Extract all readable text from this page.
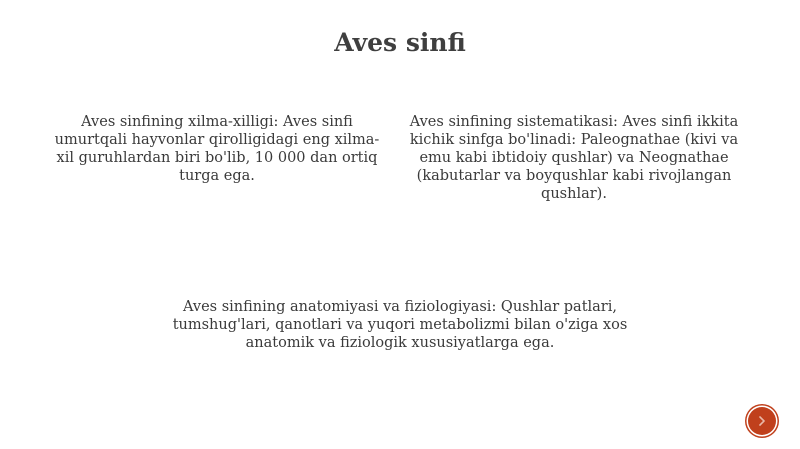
Aves sinfi

Aves sinfining xilma-xilligi: Aves sinfi umurtqali hayvonlar qirolligidagi eng xilma-xil guruhlardan biri bo'lib, 10 000 dan ortiq turga ega.

Aves sinfining sistematikasi: Aves sinfi ikkita kichik sinfga bo'linadi: Paleognathae (kivi va emu kabi ibtidoiy qushlar) va Neognathae (kabutarlar va boyqushlar kabi rivojlangan qushlar).

Aves sinfining anatomiyasi va fiziologiyasi: Qushlar patlari, tumshug'lari, qanotlari va yuqori metabolizmi bilan o'ziga xos anatomik va fiziologik xususiyatlarga ega.
